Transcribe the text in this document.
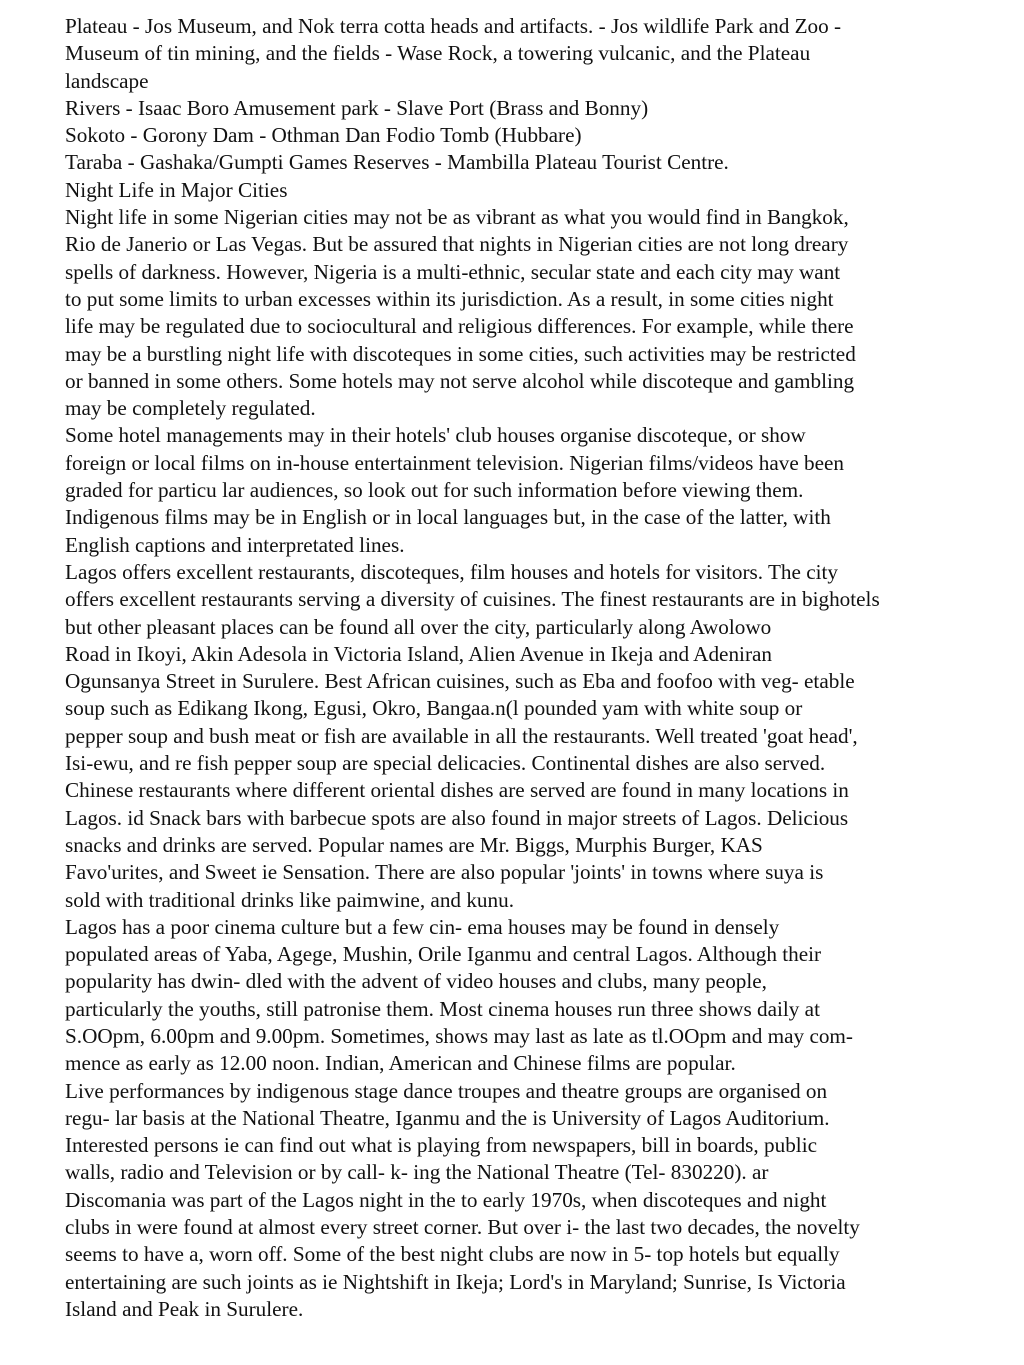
Plateau - Jos Museum, and Nok terra cotta heads and artifacts. - Jos wildlife Park and Zoo -
Museum of tin mining, and the fields - Wase Rock, a towering vulcanic, and the Plateau
landscape
Rivers - Isaac Boro Amusement park - Slave Port (Brass and Bonny)
Sokoto - Gorony Dam - Othman Dan Fodio Tomb (Hubbare)
Taraba - Gashaka/Gumpti Games Reserves - Mambilla Plateau Tourist Centre.
Night Life in Major Cities
Night life in some Nigerian cities may not be as vibrant as what you would find in Bangkok,
Rio de Janerio or Las Vegas. But be assured that nights in Nigerian cities are not long dreary
spells of darkness. However, Nigeria is a multi-ethnic, secular state and each city may want
to put some limits to urban excesses within its jurisdiction. As a result, in some cities night
life may be regulated due to sociocultural and religious differences. For example, while there
may be a burstling night life with discoteques in some cities, such activities may be restricted
or banned in some others. Some hotels may not serve alcohol while discoteque and gambling
may be completely regulated.
Some hotel managements may in their hotels' club houses organise discoteque, or show
foreign or local films on in-house entertainment television. Nigerian films/videos have been
graded for particu lar audiences, so look out for such information before viewing them.
Indigenous films may be in English or in local languages but, in the case of the latter, with
English captions and interpretated lines.
Lagos offers excellent restaurants, discoteques, film houses and hotels for visitors. The city
offers excellent restaurants serving a diversity of cuisines. The finest restaurants are in bighotels
but other pleasant places can be found all over the city, particularly along Awolowo
Road in Ikoyi, Akin Adesola in Victoria Island, Alien Avenue in Ikeja and Adeniran
Ogunsanya Street in Surulere. Best African cuisines, such as Eba and foofoo with veg- etable
soup such as Edikang Ikong, Egusi, Okro, Bangaa.n(l pounded yam with white soup or
pepper soup and bush meat or fish are available in all the restaurants. Well treated 'goat head',
Isi-ewu, and re fish pepper soup are special delicacies. Continental dishes are also served.
Chinese restaurants where different oriental dishes are served are found in many locations in
Lagos. id Snack bars with barbecue spots are also found in major streets of Lagos. Delicious
snacks and drinks are served. Popular names are Mr. Biggs, Murphis Burger, KAS
Favo'urites, and Sweet ie Sensation. There are also popular 'joints' in towns where suya is
sold with traditional drinks like paimwine, and kunu.
Lagos has a poor cinema culture but a few cin- ema houses may be found in densely
populated areas of Yaba, Agege, Mushin, Orile Iganmu and central Lagos. Although their
popularity has dwin- dled with the advent of video houses and clubs, many people,
particularly the youths, still patronise them. Most cinema houses run three shows daily at
S.OOpm, 6.00pm and 9.00pm. Sometimes, shows may last as late as tl.OOpm and may com-
mence as early as 12.00 noon. Indian, American and Chinese films are popular.
Live performances by indigenous stage dance troupes and theatre groups are organised on
regu- lar basis at the National Theatre, Iganmu and the is University of Lagos Auditorium.
Interested persons ie can find out what is playing from newspapers, bill in boards, public
walls, radio and Television or by call- k- ing the National Theatre (Tel- 830220). ar
Discomania was part of the Lagos night in the to early 1970s, when discoteques and night
clubs in were found at almost every street corner. But over i- the last two decades, the novelty
seems to have a, worn off. Some of the best night clubs are now in 5- top hotels but equally
entertaining are such joints as ie Nightshift in Ikeja; Lord's in Maryland; Sunrise, Is Victoria
Island and Peak in Surulere.
